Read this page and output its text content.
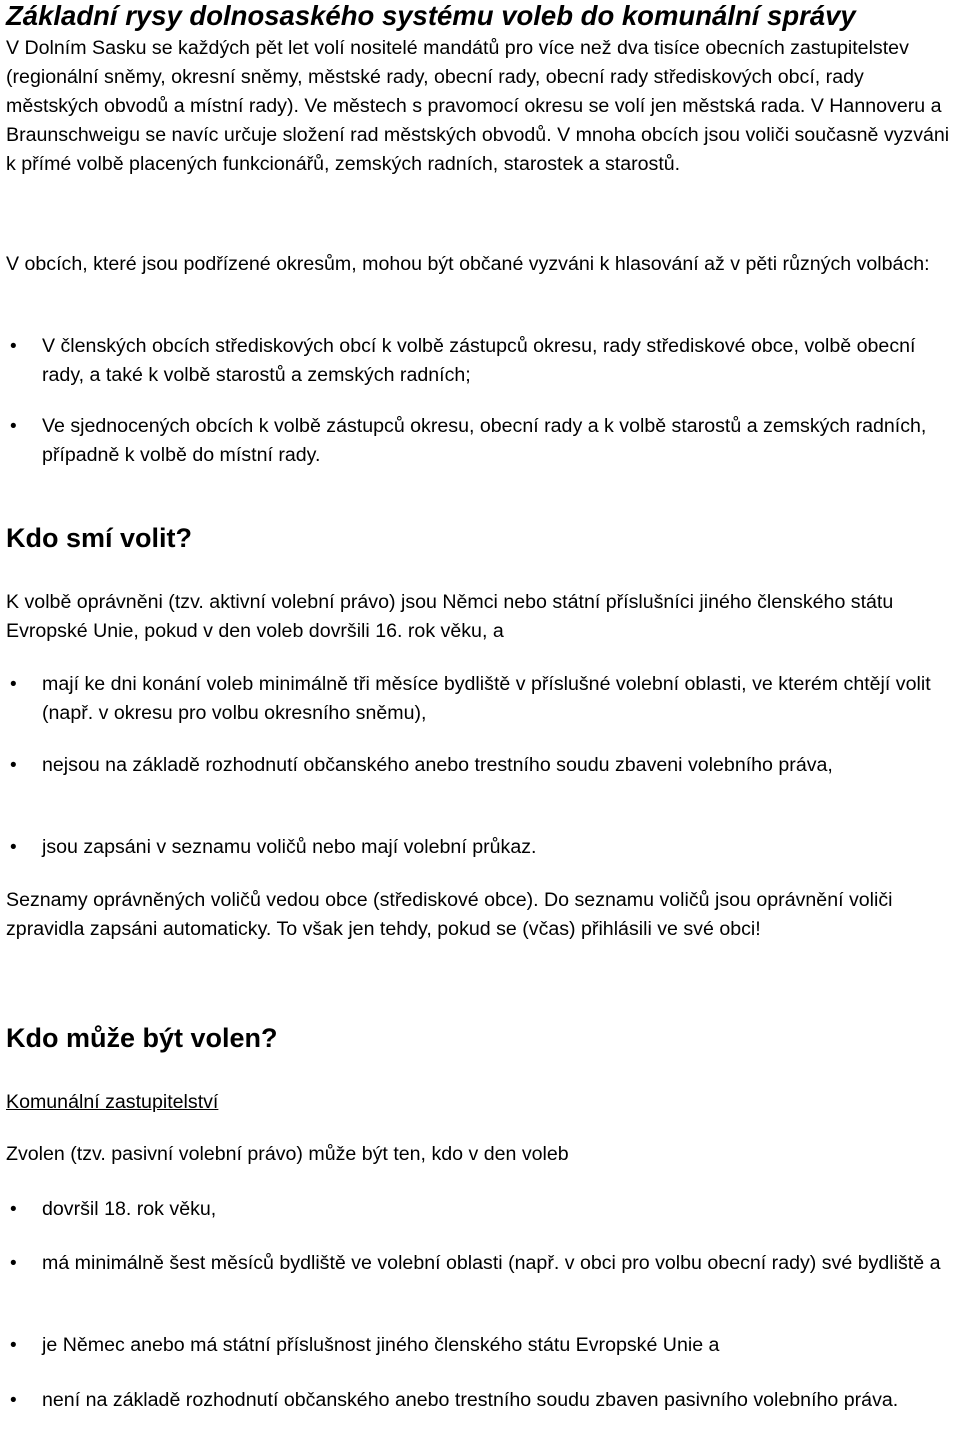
Základní rysy dolnosaského systému voleb do komunální správy

V Dolním Sasku se každých pět let volí nositelé mandátů pro více než dva tisíce obecních zastupitelstev (regionální sněmy, okresní sněmy, městské rady, obecní rady, obecní rady střediskových obcí, rady městských obvodů a místní rady). Ve městech s pravomocí okresu se volí jen městská rada. V Hannoveru a Braunschweigu se navíc určuje složení rad městských obvodů. V mnoha obcích jsou voliči současně vyzváni k přímé volbě placených funkcionářů, zemských radních, starostek a starostů.

V obcích, které jsou podřízené okresům, mohou být občané vyzváni k hlasování až v pěti různých volbách:

•	V členských obcích střediskových obcí k volbě zástupců okresu, rady střediskové obce, volbě obecní rady, a také k volbě starostů a zemských radních;

•	Ve sjednocených obcích k volbě zástupců okresu, obecní rady a k volbě starostů a zemských radních, případně k volbě do místní rady.

Kdo smí volit?

K volbě oprávněni (tzv. aktivní volební právo) jsou Němci nebo státní příslušníci jiného členského státu Evropské Unie, pokud v den voleb dovršili 16. rok věku, a

•	mají ke dni konání voleb minimálně tři měsíce bydliště v příslušné volební oblasti, ve kterém chtějí volit (např. v okresu pro volbu okresního sněmu),

•	nejsou na základě rozhodnutí občanského anebo trestního soudu zbaveni volebního práva,

•	jsou zapsáni v seznamu voličů nebo mají volební průkaz.

Seznamy oprávněných voličů vedou obce (střediskové obce). Do seznamu voličů jsou oprávnění voliči zpravidla zapsáni automaticky. To však jen tehdy, pokud se (včas) přihlásili ve své obci!

Kdo může být volen?

Komunální zastupitelství

Zvolen (tzv. pasivní volební právo) může být ten, kdo v den voleb

•	dovršil 18. rok věku,

•	má minimálně šest měsíců bydliště ve volební oblasti (např. v obci pro volbu obecní rady) své bydliště a

•	je Němec anebo má státní příslušnost jiného členského státu Evropské Unie a

•	není na základě rozhodnutí občanského anebo trestního soudu zbaven pasivního volebního práva.
